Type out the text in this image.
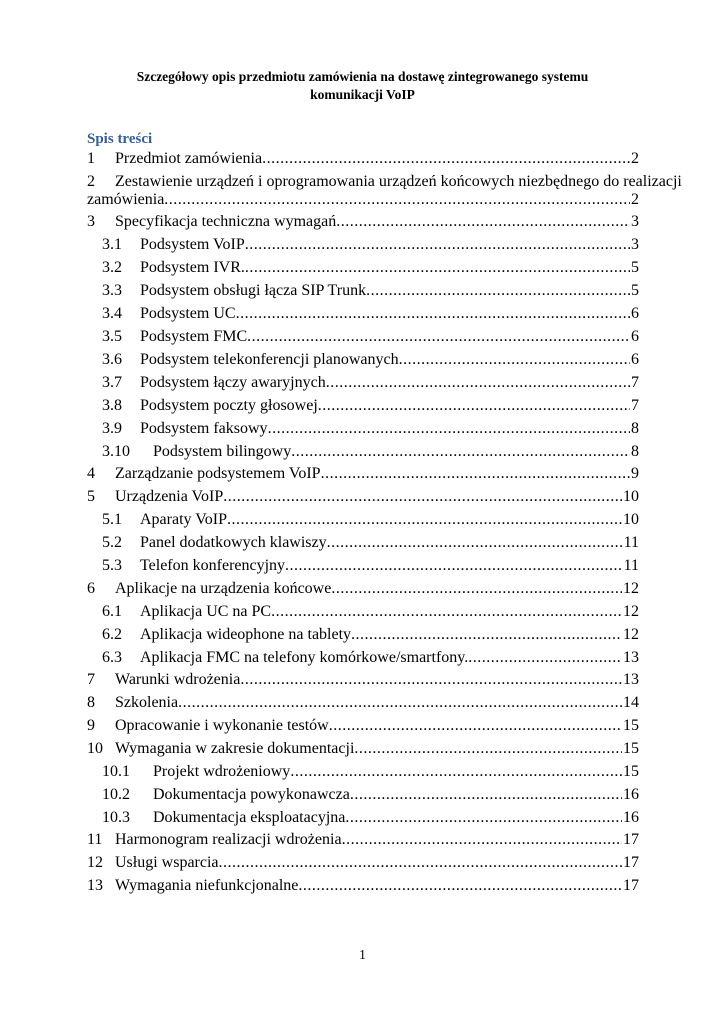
Szczegółowy opis przedmiotu zamówienia na dostawę zintegrowanego systemu
komunikacji VoIP
Spis treści
1	Przedmiot zamówienia .....	2
2 Zestawienie urządzeń i oprogramowania urządzeń końcowych niezbędnego do realizacji
zamówienia .....	2
3	Specyfikacja techniczna wymagań .....	3
3.1	Podsystem VoIP .....	3
3.2	Podsystem IVR. .....	5
3.3	Podsystem obsługi łącza SIP Trunk .....	5
3.4	Podsystem UC .....	6
3.5	Podsystem FMC .....	6
3.6	Podsystem telekonferencji planowanych .....	6
3.7	Podsystem łączy awaryjnych .....	7
3.8	Podsystem poczty głosowej .....	7
3.9	Podsystem faksowy .....	8
3.10	Podsystem bilingowy .....	8
4	Zarządzanie podsystemem VoIP .....	9
5	Urządzenia VoIP .....	10
5.1	Aparaty VoIP .....	10
5.2	Panel dodatkowych klawiszy .....	11
5.3	Telefon konferencyjny .....	11
6	Aplikacje na urządzenia końcowe .....	12
6.1	Aplikacja UC na PC .....	12
6.2	Aplikacja wideophone na tablety .....	12
6.3	Aplikacja FMC na telefony komórkowe/smartfony. .....	13
7	Warunki wdrożenia .....	13
8	Szkolenia .....	14
9	Opracowanie i wykonanie testów .....	15
10 Wymagania w zakresie dokumentacji .....	15
10.1	Projekt wdrożeniowy .....	15
10.2	Dokumentacja powykonawcza .....	16
10.3	Dokumentacja eksploatacyjna .....	16
11 Harmonogram realizacji wdrożenia .....	17
12 Usługi wsparcia .....	17
13 Wymagania niefunkcjonalne .....	17
1
